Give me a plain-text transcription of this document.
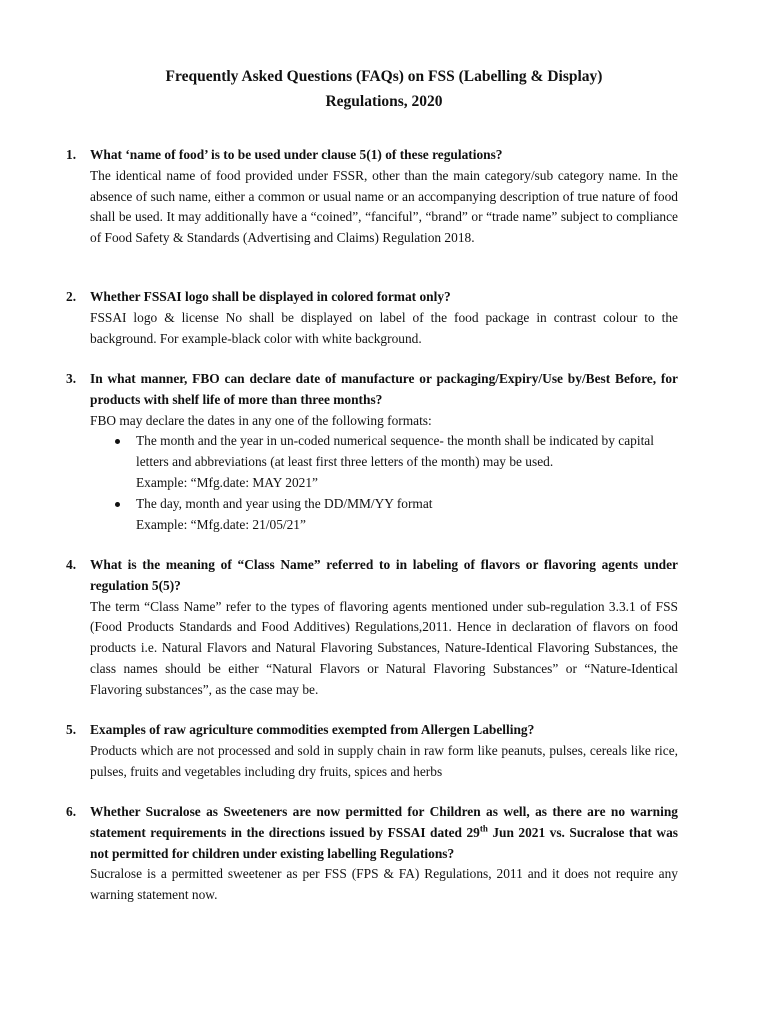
Frequently Asked Questions (FAQs) on FSS (Labelling & Display)
Regulations, 2020
1. What ‘name of food’ is to be used under clause 5(1) of these regulations?
The identical name of food provided under FSSR, other than the main category/sub category name. In the absence of such name, either a common or usual name or an accompanying description of true nature of food shall be used. It may additionally have a “coined”, “fanciful”, “brand” or “trade name” subject to compliance of Food Safety & Standards (Advertising and Claims) Regulation 2018.
2. Whether FSSAI logo shall be displayed in colored format only?
FSSAI logo & license No shall be displayed on label of the food package in contrast colour to the background. For example-black color with white background.
3. In what manner, FBO can declare date of manufacture or packaging/Expiry/Use by/Best Before, for products with shelf life of more than three months?
FBO may declare the dates in any one of the following formats:
The month and the year in un-coded numerical sequence- the month shall be indicated by capital letters and abbreviations (at least first three letters of the month) may be used.
Example: “Mfg.date: MAY 2021”
The day, month and year using the DD/MM/YY format
Example: “Mfg.date: 21/05/21”
4. What is the meaning of “Class Name” referred to in labeling of flavors or flavoring agents under regulation 5(5)?
The term “Class Name” refer to the types of flavoring agents mentioned under sub-regulation 3.3.1 of FSS (Food Products Standards and Food Additives) Regulations,2011. Hence in declaration of flavors on food products i.e. Natural Flavors and Natural Flavoring Substances, Nature-Identical Flavoring Substances, the class names should be either “Natural Flavors or Natural Flavoring Substances” or “Nature-Identical Flavoring substances”, as the case may be.
5. Examples of raw agriculture commodities exempted from Allergen Labelling?
Products which are not processed and sold in supply chain in raw form like peanuts, pulses, cereals like rice, pulses, fruits and vegetables including dry fruits, spices and herbs
6. Whether Sucralose as Sweeteners are now permitted for Children as well, as there are no warning statement requirements in the directions issued by FSSAI dated 29th Jun 2021 vs. Sucralose that was not permitted for children under existing labelling Regulations?
Sucralose is a permitted sweetener as per FSS (FPS & FA) Regulations, 2011 and it does not require any warning statement now.
